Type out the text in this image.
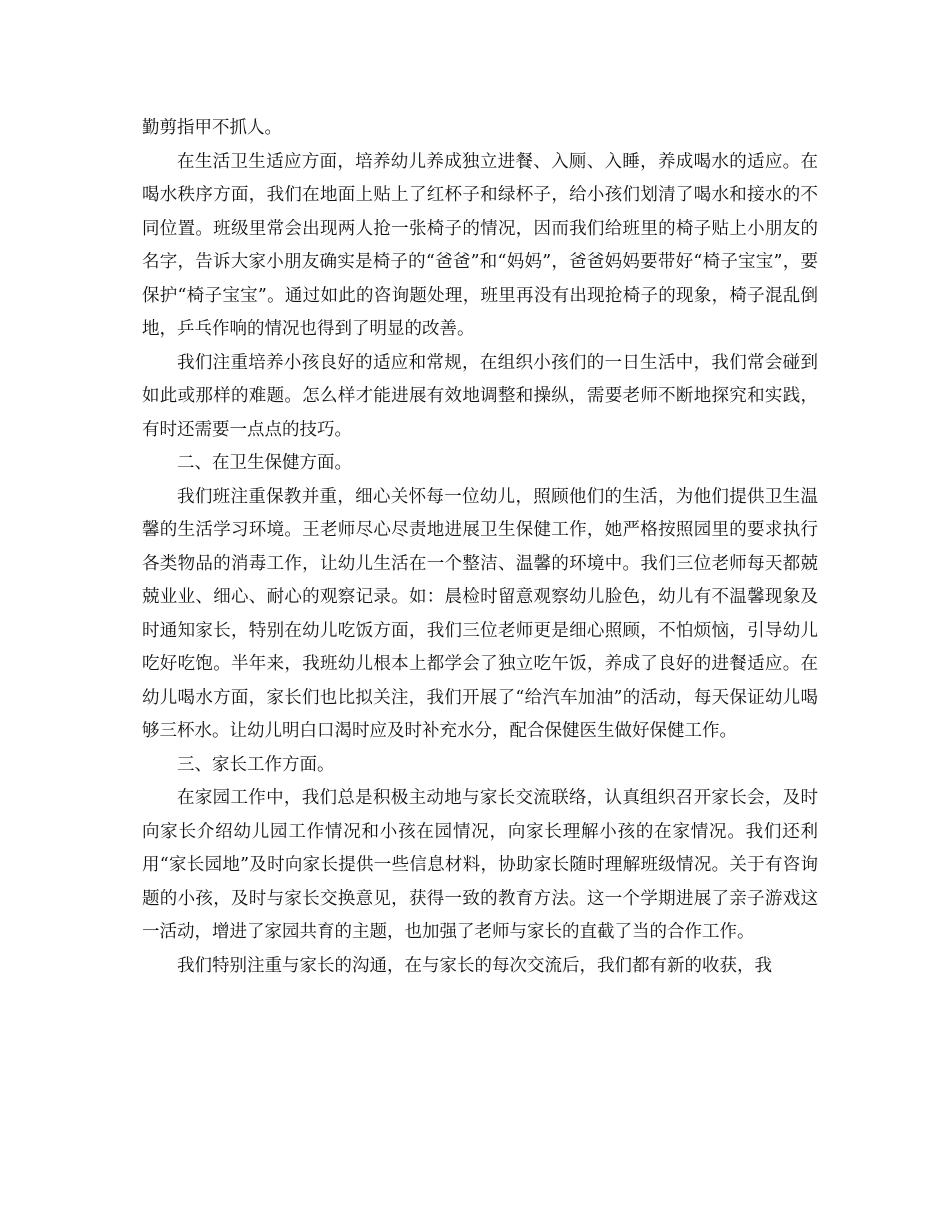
勤剪指甲不抓人。

在生活卫生适应方面，培养幼儿养成独立进餐、入厕、入睡，养成喝水的适应。在喝水秩序方面，我们在地面上贴上了红杯子和绿杯子，给小孩们划清了喝水和接水的不同位置。班级里常会出现两人抢一张椅子的情况，因而我们给班里的椅子贴上小朋友的名字，告诉大家小朋友确实是椅子的“爸爸”和“妈妈”，爸爸妈妈要带好“椅子宝宝”，要保护“椅子宝宝”。通过如此的咨询题处理，班里再没有出现抢椅子的现象，椅子混乱倒地，乒乓作响的情况也得到了明显的改善。

我们注重培养小孩良好的适应和常规，在组织小孩们的一日生活中，我们常会碰到如此或那样的难题。怎么样才能进展有效地调整和操纵，需要老师不断地探究和实践，有时还需要一点点的技巧。

二、在卫生保健方面。

我们班注重保教并重，细心关怀每一位幼儿，照顾他们的生活，为他们提供卫生温馨的生活学习环境。王老师尽心尽责地进展卫生保健工作，她严格按照园里的要求执行各类物品的消毒工作，让幼儿生活在一个整洁、温馨的环境中。我们三位老师每天都兢兢业业、细心、耐心的观察记录。如：晨检时留意观察幼儿脸色，幼儿有不温馨现象及时通知家长，特别在幼儿吃饭方面，我们三位老师更是细心照顾，不怕烦恼，引导幼儿吃好吃饱。半年来，我班幼儿根本上都学会了独立吃午饭，养成了良好的进餐适应。在幼儿喝水方面，家长们也比拟关注，我们开展了“给汽车加油”的活动，每天保证幼儿喝够三杯水。让幼儿明白口渴时应及时补充水分，配合保健医生做好保健工作。

三、家长工作方面。

在家园工作中，我们总是积极主动地与家长交流联络，认真组织召开家长会，及时向家长介绍幼儿园工作情况和小孩在园情况，向家长理解小孩的在家情况。我们还利用“家长园地”及时向家长提供一些信息材料，协助家长随时理解班级情况。关于有咨询题的小孩，及时与家长交换意见，获得一致的教育方法。这一个学期进展了亲子游戏这一活动，增进了家园共育的主题，也加强了老师与家长的直截了当的合作工作。

我们特别注重与家长的沟通，在与家长的每次交流后，我们都有新的收获，我
